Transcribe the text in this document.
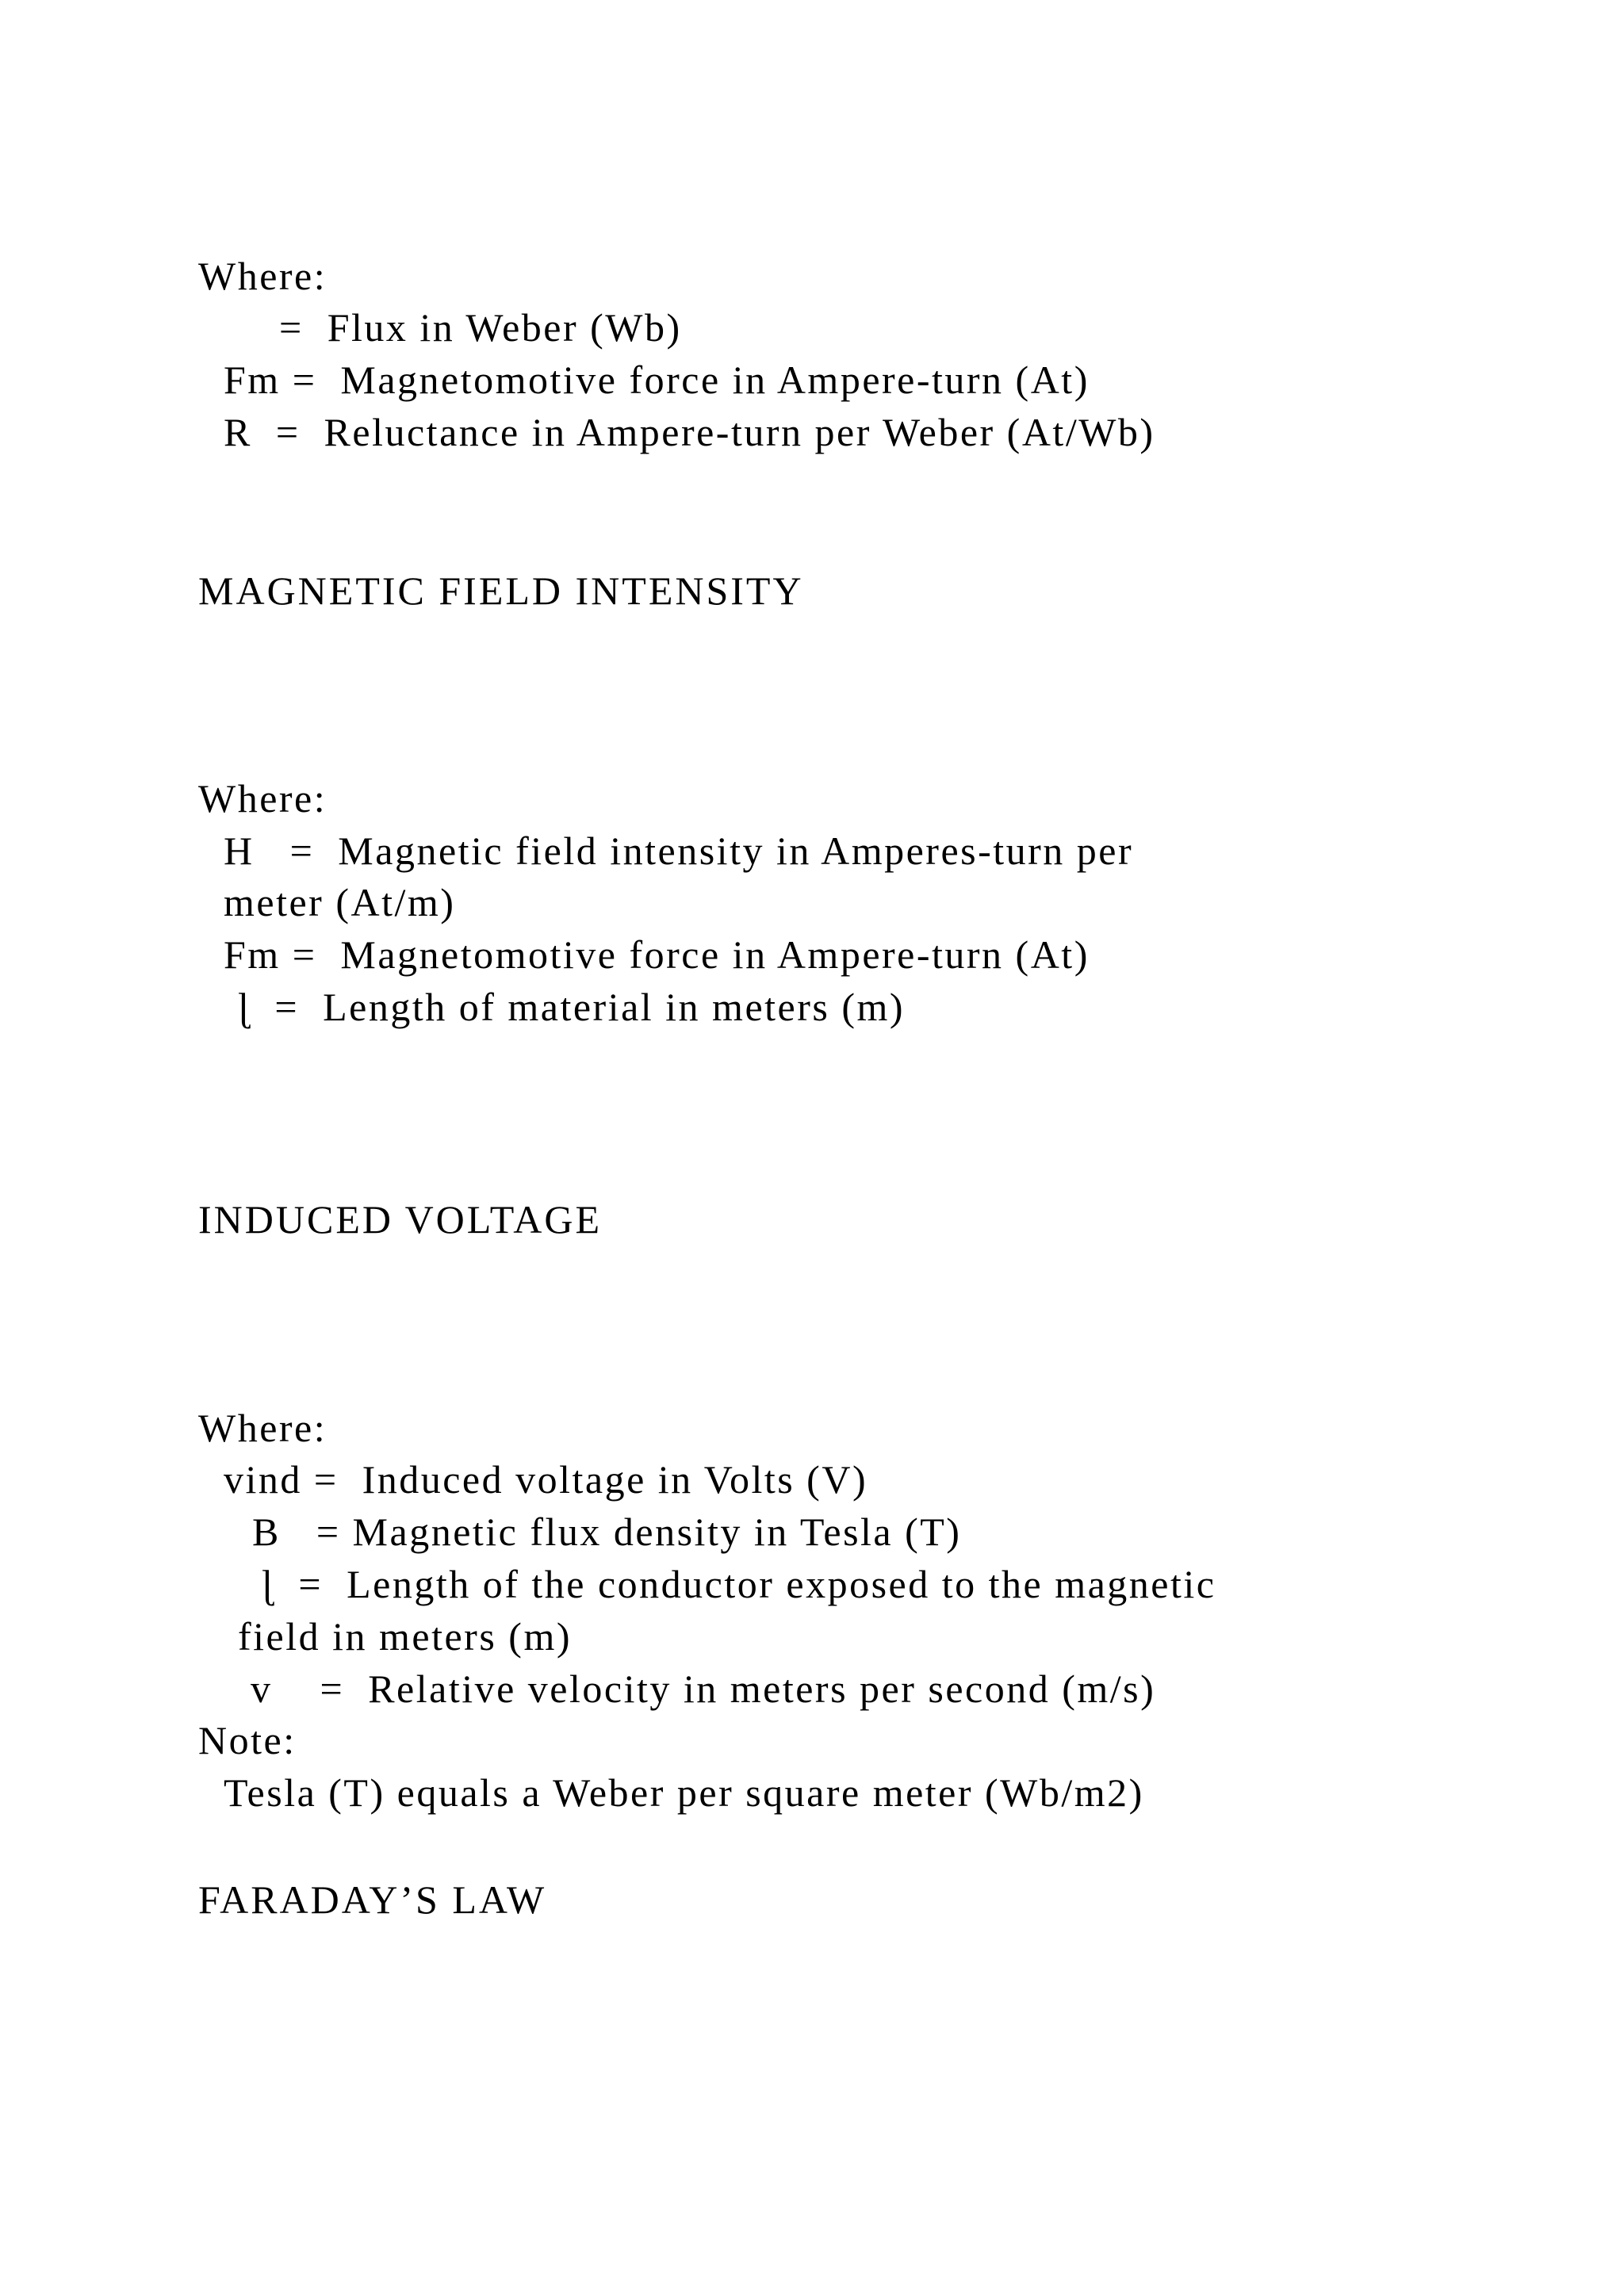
Where:
=  Flux in Weber (Wb)
Fm =  Magnetomotive force in Ampere-turn (At)
R  =  Reluctance in Ampere-turn per Weber (At/Wb)
MAGNETIC FIELD INTENSITY
Where:
H   =  Magnetic field intensity in Amperes-turn per
meter (At/m)
Fm =  Magnetomotive force in Ampere-turn (At)
ɭ  =  Length of material in meters (m)
INDUCED VOLTAGE
Where:
vind =  Induced voltage in Volts (V)
B   = Magnetic flux density in Tesla (T)
ɭ  =  Length of the conductor exposed to the magnetic
field in meters (m)
v    =  Relative velocity in meters per second (m/s)
Note:
Tesla (T) equals a Weber per square meter (Wb/m2)
FARADAY’S LAW
